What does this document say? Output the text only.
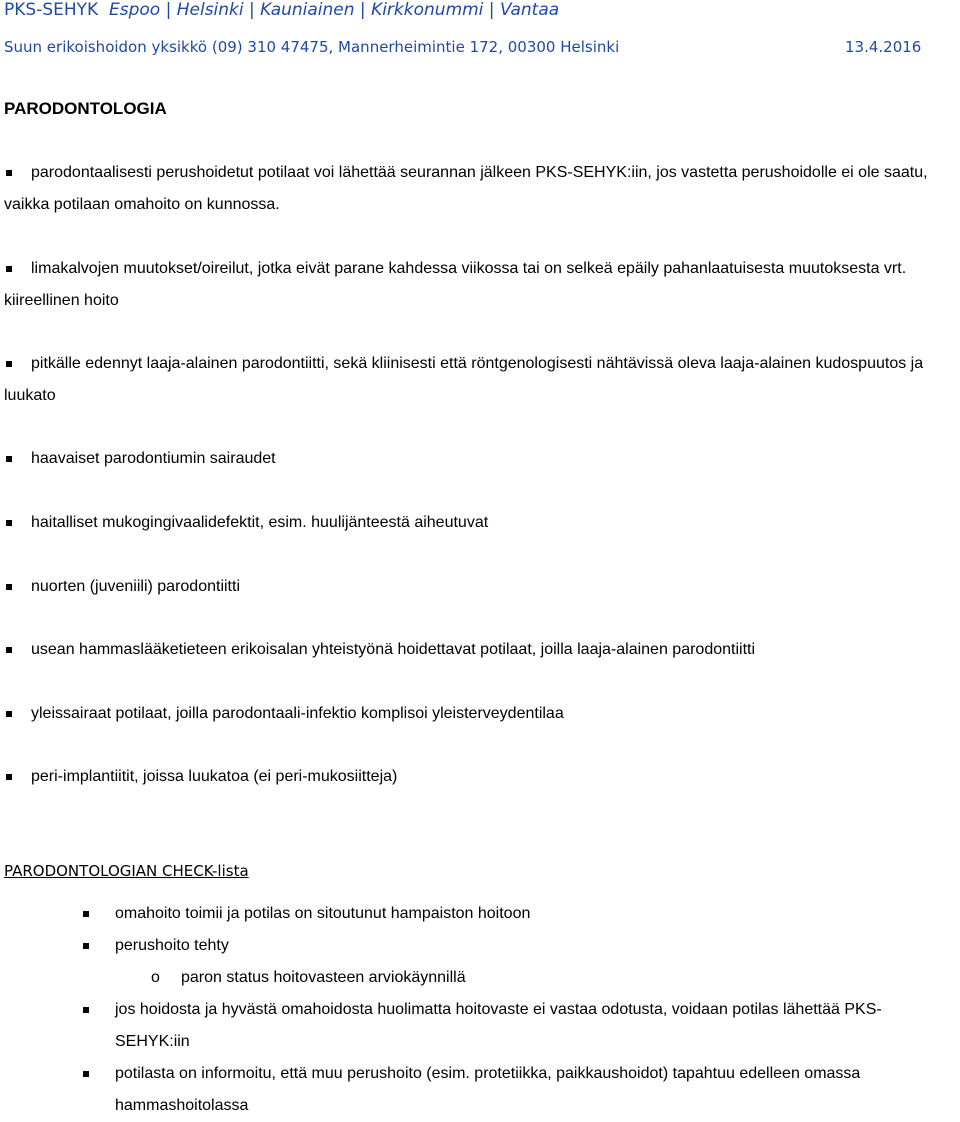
PKS-SEHYK Espoo | Helsinki | Kauniainen | Kirkkonummi | Vantaa
Suun erikoishoidon yksikkö (09) 310 47475, Mannerheimintie 172, 00300 Helsinki	13.4.2016
PARODONTOLOGIA
parodontaalisesti perushoidetut potilaat voi lähettää seurannan jälkeen PKS-SEHYK:iin, jos vastetta perushoidolle ei ole saatu, vaikka potilaan omahoito on kunnossa.
limakalvojen muutokset/oireilut, jotka eivät parane kahdessa viikossa tai on selkeä epäily pahanlaatuisesta muutoksesta vrt. kiireellinen hoito
pitkälle edennyt laaja-alainen parodontiitti, sekä kliinisesti että röntgenologisesti nähtävissä oleva laaja-alainen kudospuutos ja luukato
haavaiset parodontiumin sairaudet
haitalliset mukogingivaalidefektit, esim. huulijänteestä aiheutuvat
nuorten (juveniili) parodontiitti
usean hammaslääketieteen erikoisalan yhteistyönä hoidettavat potilaat, joilla laaja-alainen parodontiitti
yleissairaat potilaat, joilla parodontaali-infektio komplisoi yleisterveydentilaa
peri-implantiitit, joissa luukatoa (ei peri-mukosiitteja)
PARODONTOLOGIAN CHECK-lista
omahoito toimii ja potilas on sitoutunut hampaiston hoitoon
perushoito tehty
o paron status hoitovasteen arviokäynnillä
jos hoidosta ja hyvästä omahoidosta huolimatta hoitovaste ei vastaa odotusta, voidaan potilas lähettää PKS-SEHYK:iin
potilasta on informoitu, että muu perushoito (esim. protetiikka, paikkaushoidot) tapahtuu edelleen omassa hammashoitolassa
